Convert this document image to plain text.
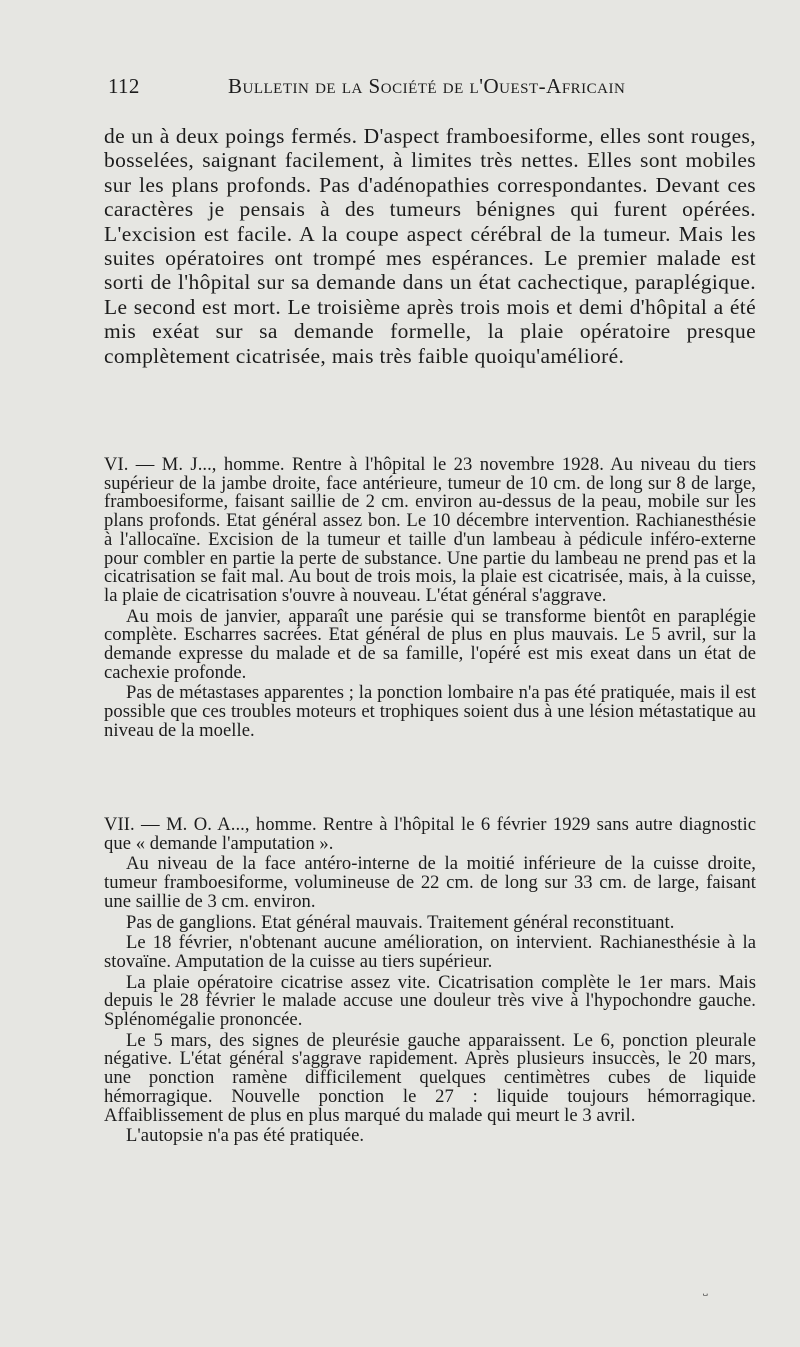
112	Bulletin de la Société de l'Ouest-Africain
de un à deux poings fermés. D'aspect framboesiforme, elles sont rouges, bosselées, saignant facilement, à limites très nettes. Elles sont mobiles sur les plans profonds. Pas d'adénopathies correspondantes. Devant ces caractères je pensais à des tumeurs bénignes qui furent opérées. L'excision est facile. A la coupe aspect cérébral de la tumeur. Mais les suites opératoires ont trompé mes espérances. Le premier malade est sorti de l'hôpital sur sa demande dans un état cachectique, paraplégique. Le second est mort. Le troisième après trois mois et demi d'hôpital a été mis exéat sur sa demande formelle, la plaie opératoire presque complètement cicatrisée, mais très faible quoiqu'amélioré.

VI. — M. J..., homme. Rentre à l'hôpital le 23 novembre 1928. Au niveau du tiers supérieur de la jambe droite, face antérieure, tumeur de 10 cm. de long sur 8 de large, framboesiforme, faisant saillie de 2 cm. environ au-dessus de la peau, mobile sur les plans profonds. Etat général assez bon. Le 10 décembre intervention. Rachianesthésie à l'allocaïne. Excision de la tumeur et taille d'un lambeau à pédicule inféro-externe pour combler en partie la perte de substance. Une partie du lambeau ne prend pas et la cicatrisation se fait mal. Au bout de trois mois, la plaie est cicatrisée, mais, à la cuisse, la plaie de cicatrisation s'ouvre à nouveau. L'état général s'aggrave.

Au mois de janvier, apparaît une parésie qui se transforme bientôt en paraplégie complète. Escharres sacrées. Etat général de plus en plus mauvais. Le 5 avril, sur la demande expresse du malade et de sa famille, l'opéré est mis exeat dans un état de cachexie profonde.

Pas de métastases apparentes ; la ponction lombaire n'a pas été pratiquée, mais il est possible que ces troubles moteurs et trophiques soient dus à une lésion métastatique au niveau de la moelle.

VII. — M. O. A..., homme. Rentre à l'hôpital le 6 février 1929 sans autre diagnostic que « demande l'amputation ».

Au niveau de la face antéro-interne de la moitié inférieure de la cuisse droite, tumeur framboesiforme, volumineuse de 22 cm. de long sur 33 cm. de large, faisant une saillie de 3 cm. environ.

Pas de ganglions. Etat général mauvais. Traitement général reconstituant.

Le 18 février, n'obtenant aucune amélioration, on intervient. Rachianesthésie à la stovaïne. Amputation de la cuisse au tiers supérieur.

La plaie opératoire cicatrise assez vite. Cicatrisation complète le 1er mars. Mais depuis le 28 février le malade accuse une douleur très vive à l'hypochondre gauche. Splénomégalie prononcée.

Le 5 mars, des signes de pleurésie gauche apparaissent. Le 6, ponction pleurale négative. L'état général s'aggrave rapidement. Après plusieurs insuccès, le 20 mars, une ponction ramène difficilement quelques centimètres cubes de liquide hémorragique. Nouvelle ponction le 27 : liquide toujours hémorragique. Affaiblissement de plus en plus marqué du malade qui meurt le 3 avril.

L'autopsie n'a pas été pratiquée.

˽
